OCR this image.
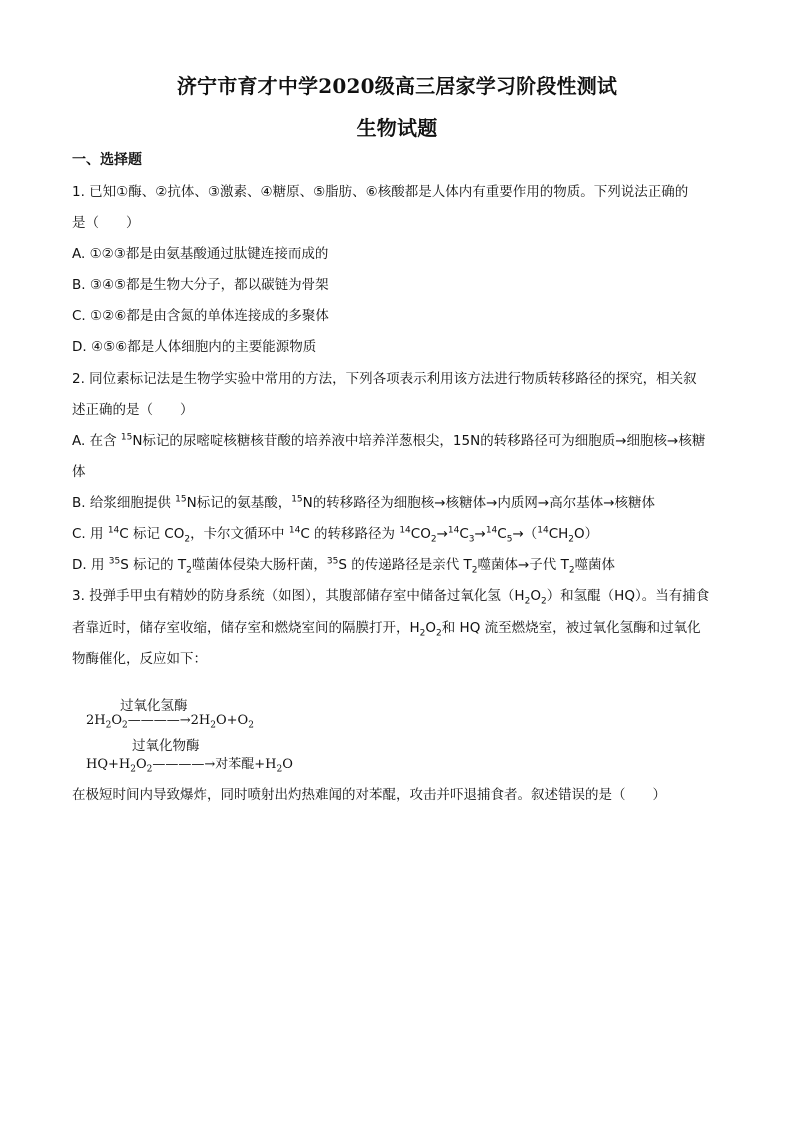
济宁市育才中学2020级高三居家学习阶段性测试
生物试题
一、选择题
1. 已知①酶、②抗体、③激素、④糖原、⑤脂肪、⑥核酸都是人体内有重要作用的物质。下列说法正确的
是（　　）
A. ①②③都是由氨基酸通过肽键连接而成的
B. ③④⑤都是生物大分子，都以碳链为骨架
C. ①②⑥都是由含氮的单体连接成的多聚体
D. ④⑤⑥都是人体细胞内的主要能源物质
2. 同位素标记法是生物学实验中常用的方法，下列各项表示利用该方法进行物质转移路径的探究，相关叙
述正确的是（　　）
A. 在含 $^{15}$N标记的尿嘧啶核糖核苷酸的培养液中培养洋葱根尖，15N的转移路径可为细胞质→细胞核→核糖
体
B. 给浆细胞提供 $^{15}$N标记的氨基酸，$^{15}$N的转移路径为细胞核→核糖体→内质网→高尔基体→核糖体
C. 用 $^{14}$C 标记 $CO_2$，卡尔文循环中 $^{14}$C 的转移路径为 $^{14}CO_2\to^{14}C_3\to^{14}C_5\to(^{14}CH_2O)$
D. 用 $^{35}$S 标记的 $T_2$噬菌体侵染大肠杆菌，$^{35}$S 的传递路径是亲代 $T_2$噬菌体→子代 $T_2$噬菌体
3. 投弹手甲虫有精妙的防身系统（如图），其腹部储存室中储备过氧化氢$(H_2O_2)$和氢醌（HQ）。当有捕食
者靠近时，储存室收缩，储存室和燃烧室间的隔膜打开，$H_2O_2$和 HQ 流至燃烧室，被过氧化氢酶和过氧化
物酶催化，反应如下：
过氧化氢酶
$2H_2O_2————\to 2H_2O+O_2$
过氧化物酶
$HQ+H_2O_2————\to$对苯醌$+H_2O$
在极短时间内导致爆炸，同时喷射出灼热难闻的对苯醌，攻击并吓退捕食者。叙述错误的是（　　）
